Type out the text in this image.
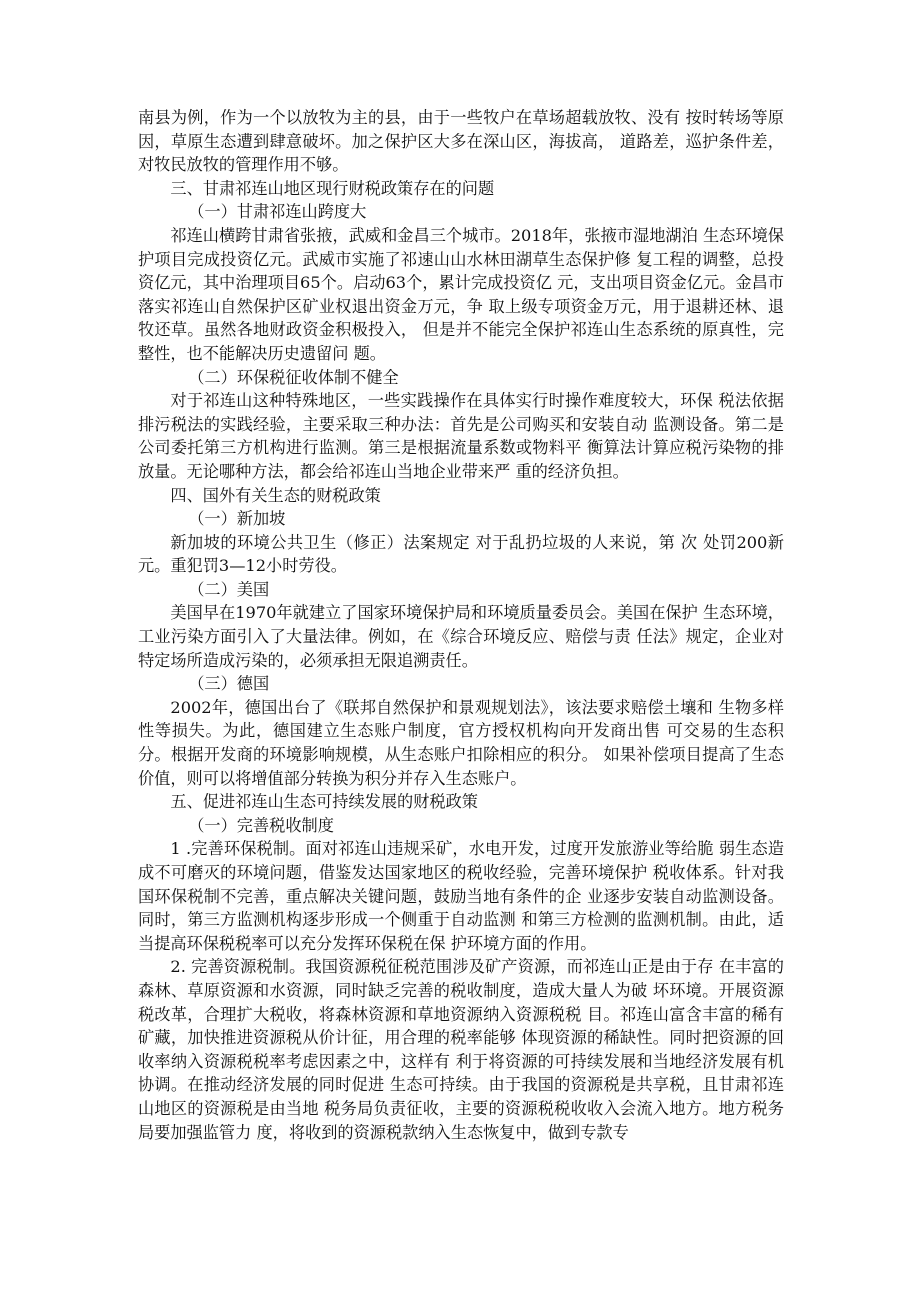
南县为例，作为一个以放牧为主的县，由于一些牧户在草场超载放牧、没有 按时转场等原因，草原生态遭到肆意破坏。加之保护区大多在深山区，海拔高， 道路差，巡护条件差，对牧民放牧的管理作用不够。

三、甘肃祁连山地区现行财税政策存在的问题

（一）甘肃祁连山跨度大

祁连山横跨甘肃省张掖，武威和金昌三个城市。2018年，张掖市湿地湖泊 生态环境保护项目完成投资亿元。武威市实施了祁速山山水林田湖草生态保护修 复工程的调整，总投资亿元，其中治理项目65个。启动63个，累计完成投资亿 元，支出项目资金亿元。金昌市落实祁连山自然保护区矿业权退出资金万元，争 取上级专项资金万元，用于退耕还林、退牧还草。虽然各地财政资金积极投入， 但是并不能完全保护祁连山生态系统的原真性，完整性，也不能解决历史遗留问 题。

（二）环保税征收体制不健全

对于祁连山这种特殊地区，一些实践操作在具体实行时操作难度较大，环保 税法依据排污税法的实践经验，主要采取三种办法：首先是公司购买和安装自动 监测设备。第二是公司委托第三方机构进行监测。第三是根据流量系数或物料平 衡算法计算应税污染物的排放量。无论哪种方法，都会给祁连山当地企业带来严 重的经济负担。

四、国外有关生态的财税政策

（一）新加坡

新加坡的环境公共卫生（修正）法案规定 对于乱扔垃圾的人来说，第 次 处罚200新元。重犯罚3—12小时劳役。

（二）美国

美国早在1970年就建立了国家环境保护局和环境质量委员会。美国在保护 生态环境，工业污染方面引入了大量法律。例如，在《综合环境反应、赔偿与责 任法》规定，企业对特定场所造成污染的，必须承担无限追溯责任。

（三）德国

2002年，德国出台了《联邦自然保护和景观规划法》，该法要求赔偿土壤和 生物多样性等损失。为此，德国建立生态账户制度，官方授权机构向开发商出售 可交易的生态积分。根据开发商的环境影响规模，从生态账户扣除相应的积分。 如果补偿项目提高了生态价值，则可以将增值部分转换为积分并存入生态账户。

五、促进祁连山生态可持续发展的财税政策

（一）完善税收制度

1 .完善环保税制。面对祁连山违规采矿，水电开发，过度开发旅游业等给脆 弱生态造成不可磨灭的环境问题，借鉴发达国家地区的税收经验，完善环境保护 税收体系。针对我国环保税制不完善，重点解决关键问题，鼓励当地有条件的企 业逐步安装自动监测设备。同时，第三方监测机构逐步形成一个侧重于自动监测 和第三方检测的监测机制。由此，适当提高环保税税率可以充分发挥环保税在保 护环境方面的作用。

2. 完善资源税制。我国资源税征税范围涉及矿产资源，而祁连山正是由于存 在丰富的森林、草原资源和水资源，同时缺乏完善的税收制度，造成大量人为破 坏环境。开展资源税改革，合理扩大税收，将森林资源和草地资源纳入资源税税 目。祁连山富含丰富的稀有矿藏，加快推进资源税从价计征，用合理的税率能够 体现资源的稀缺性。同时把资源的回收率纳入资源税税率考虑因素之中，这样有 利于将资源的可持续发展和当地经济发展有机协调。在推动经济发展的同时促进 生态可持续。由于我国的资源税是共享税，且甘肃祁连山地区的资源税是由当地 税务局负责征收，主要的资源税税收收入会流入地方。地方税务局要加强监管力 度，将收到的资源税款纳入生态恢复中，做到专款专
